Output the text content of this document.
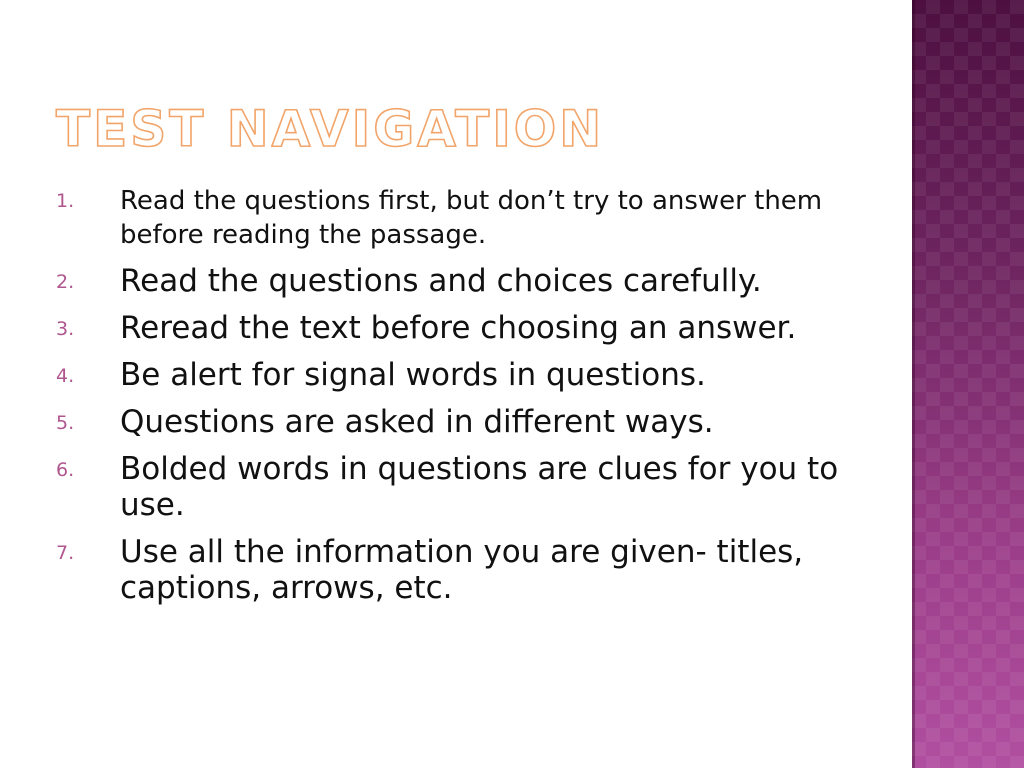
TEST NAVIGATION
1.	Read the questions first, but don’t try to answer them before reading the passage.
2.	Read the questions and choices carefully.
3.	Reread the text before choosing an answer.
4.	Be alert for signal words in questions.
5.	Questions are asked in different ways.
6.	Bolded words in questions are clues for you to use.
7.	Use all the information you are given- titles, captions, arrows, etc.
